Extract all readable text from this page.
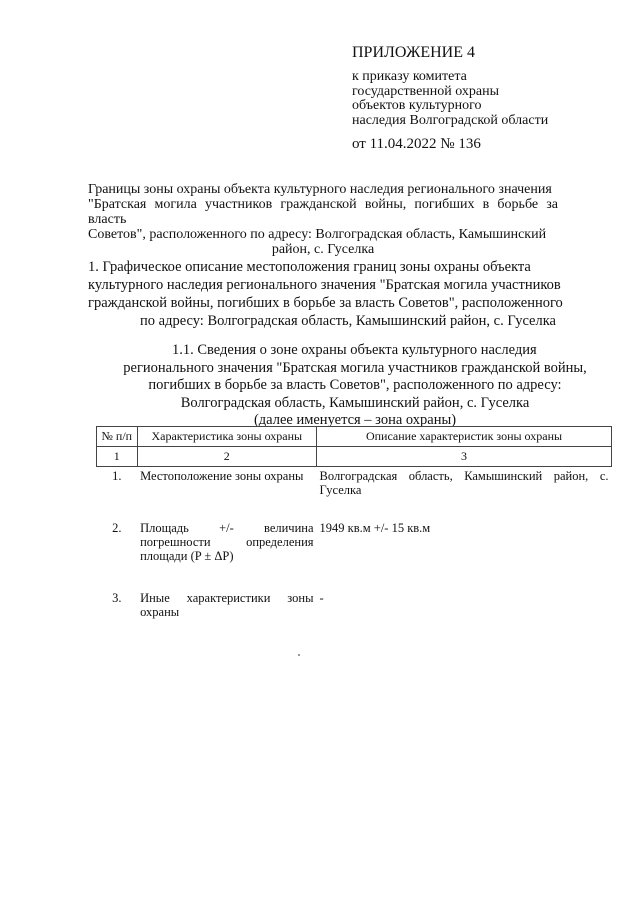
ПРИЛОЖЕНИЕ 4
к приказу комитета
государственной охраны
объектов культурного
наследия Волгоградской области
от 11.04.2022 № 136
Границы зоны охраны объекта культурного наследия регионального значения
"Братская могила участников гражданской войны, погибших в борьбе за власть
Советов", расположенного по адресу: Волгоградская область, Камышинский
район, с. Гуселка
1. Графическое описание местоположения границ зоны охраны объекта
культурного наследия регионального значения "Братская могила участников
гражданской войны, погибших в борьбе за власть Советов", расположенного
по адресу: Волгоградская область, Камышинский район, с. Гуселка
1.1. Сведения о зоне охраны объекта культурного наследия
регионального значения "Братская могила участников гражданской войны,
погибших в борьбе за власть Советов", расположенного по адресу:
Волгоградская область, Камышинский район, с. Гуселка
(далее именуется – зона охраны)
№ п/п	Характеристика зоны охраны	Описание характеристик зоны охраны
1	2	3
1.	Местоположение зоны охраны	Волгоградская область, Камышинский район, с. Гуселка
2.	Площадь +/- величина погрешности определения площади (P ± ΔP)	1949 кв.м +/- 15 кв.м
3.	Иные характеристики зоны охраны	-
